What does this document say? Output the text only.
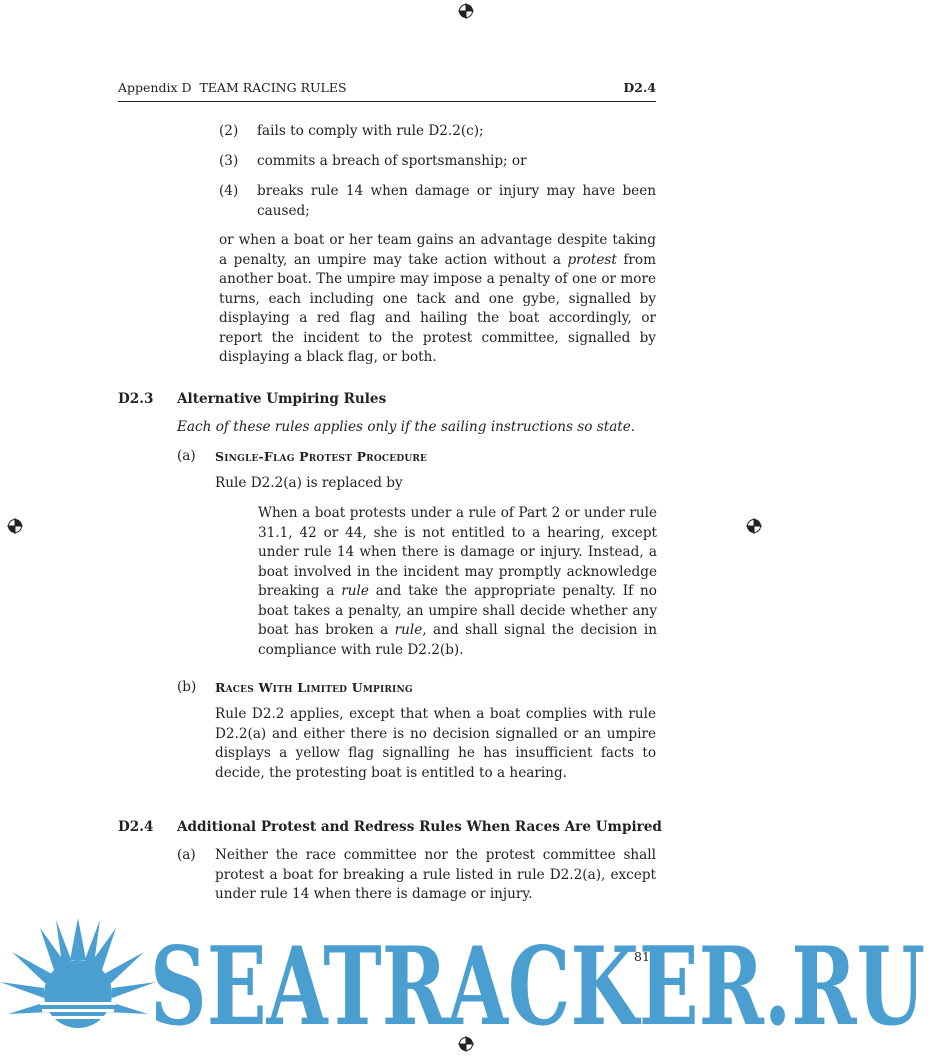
Appendix D  TEAM RACING RULES	D2.4
(2) fails to comply with rule D2.2(c);
(3) commits a breach of sportsmanship; or
(4) breaks rule 14 when damage or injury may have been caused;

or when a boat or her team gains an advantage despite taking a penalty, an umpire may take action without a protest from another boat. The umpire may impose a penalty of one or more turns, each including one tack and one gybe, signalled by displaying a red flag and hailing the boat accordingly, or report the incident to the protest committee, signalled by displaying a black flag, or both.

D2.3 Alternative Umpiring Rules
Each of these rules applies only if the sailing instructions so state.
(a) Single-Flag Protest Procedure
Rule D2.2(a) is replaced by

When a boat protests under a rule of Part 2 or under rule 31.1, 42 or 44, she is not entitled to a hearing, except under rule 14 when there is damage or injury. Instead, a boat involved in the incident may promptly acknowledge breaking a rule and take the appropriate penalty. If no boat takes a penalty, an umpire shall decide whether any boat has broken a rule, and shall signal the decision in compliance with rule D2.2(b).

(b) Races With Limited Umpiring

Rule D2.2 applies, except that when a boat complies with rule D2.2(a) and either there is no decision signalled or an umpire displays a yellow flag signalling he has insufficient facts to decide, the protesting boat is entitled to a hearing.

D2.4 Additional Protest and Redress Rules When Races Are Umpired
(a) Neither the race committee nor the protest committee shall protest a boat for breaking a rule listed in rule D2.2(a), except under rule 14 when there is damage or injury.
SEATRACKER.RU
81
